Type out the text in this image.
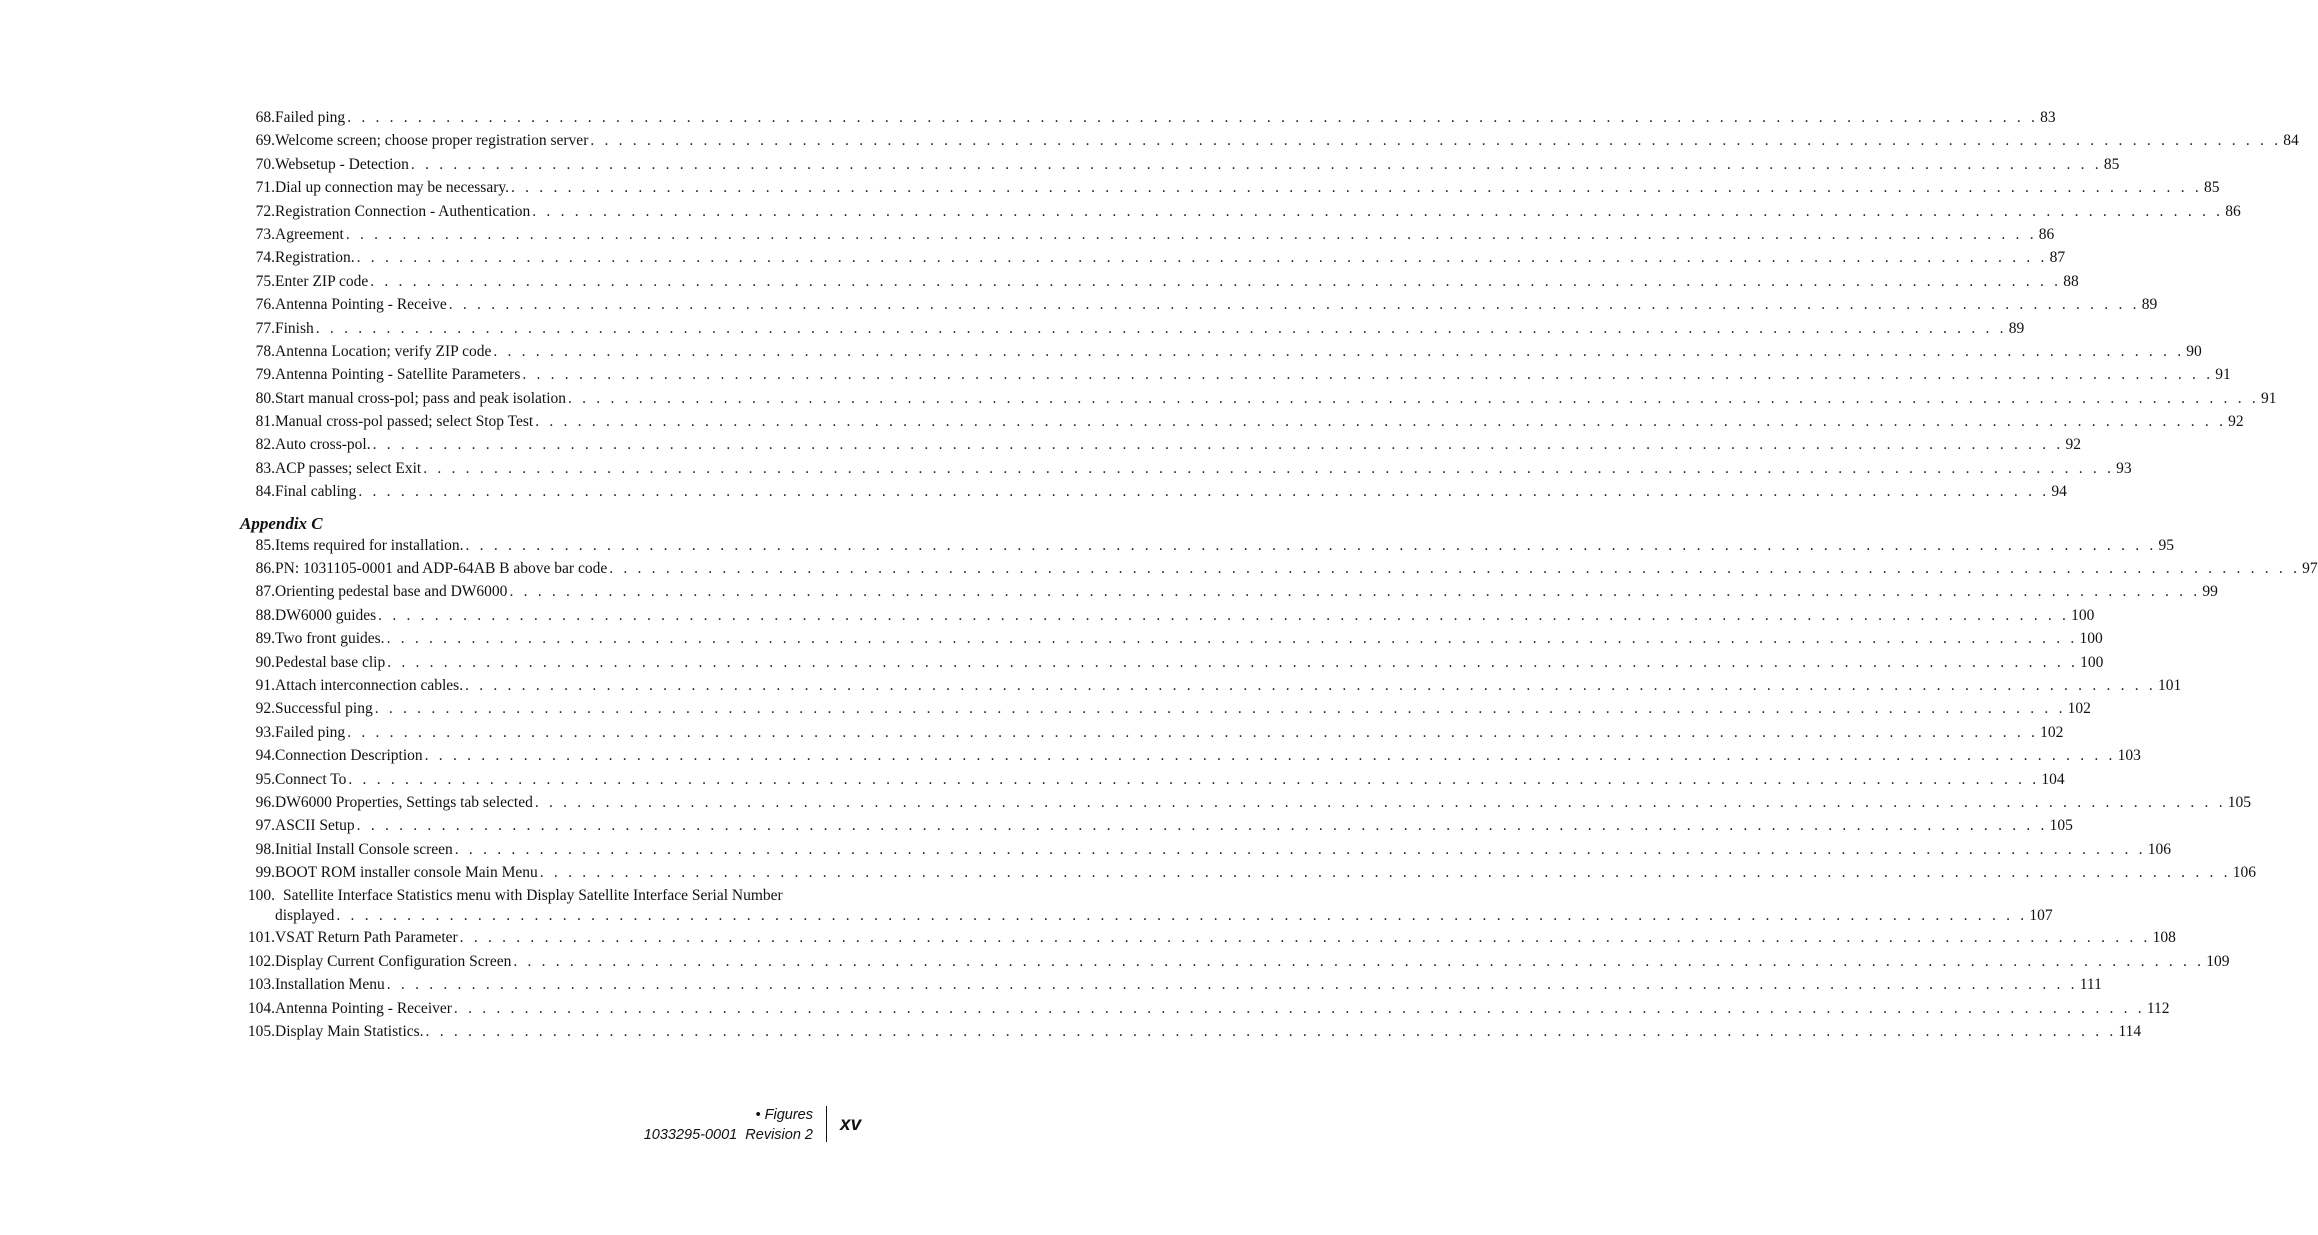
68. Failed ping . . . . . . . . . . . . . . . . . . . . . . . . . . . . . . . . . . . . . . . . . . . . . . . . . . . . . . . . . . . . . . . . . . . . . . . . . . . . . . . . . . . . . . . . . . . . . . . . . . . . . . . . . . . . . . . . . . . . . . . . 83
69. Welcome screen; choose proper registration server . . . . . . . . . . . . . . . . . . . . . . . . . . . . . . . . . . . . . . . . . . . . . . . . . . . . . . . . . . . . . . . . . . . . . . . . . . . . . . . . . . . . . . . . . . . . . . . . . . . . . . . . . . . . . . . . . . . . . . . . 84
70. Websetup - Detection . . . . . . . . . . . . . . . . . . . . . . . . . . . . . . . . . . . . . . . . . . . . . . . . . . . . . . . . . . . . . . . . . . . . . . . . . . . . . . . . . . . . . . . . . . . . . . . . . . . . . . . . . . . . . . . . . . . . . . . . 85
71. Dial up connection may be necessary. . . . . . . . . . . . . . . . . . . . . . . . . . . . . . . . . . . . . . . . . . . . . . . . . . . . . . . . . . . . . . . . . . . . . . . . . . . . . . . . . . . . . . . . . . . . . . . . . . . . . . . . . . . . . . . . . . . . . . . . . 85
72. Registration Connection - Authentication . . . . . . . . . . . . . . . . . . . . . . . . . . . . . . . . . . . . . . . . . . . . . . . . . . . . . . . . . . . . . . . . . . . . . . . . . . . . . . . . . . . . . . . . . . . . . . . . . . . . . . . . . . . . . . . . . . . . . . . . 86
73. Agreement . . . . . . . . . . . . . . . . . . . . . . . . . . . . . . . . . . . . . . . . . . . . . . . . . . . . . . . . . . . . . . . . . . . . . . . . . . . . . . . . . . . . . . . . . . . . . . . . . . . . . . . . . . . . . . . . . . . . . . . . 86
74. Registration. . . . . . . . . . . . . . . . . . . . . . . . . . . . . . . . . . . . . . . . . . . . . . . . . . . . . . . . . . . . . . . . . . . . . . . . . . . . . . . . . . . . . . . . . . . . . . . . . . . . . . . . . . . . . . . . . . . . . . . . . 87
75. Enter ZIP code . . . . . . . . . . . . . . . . . . . . . . . . . . . . . . . . . . . . . . . . . . . . . . . . . . . . . . . . . . . . . . . . . . . . . . . . . . . . . . . . . . . . . . . . . . . . . . . . . . . . . . . . . . . . . . . . . . . . . . . . 88
76. Antenna Pointing - Receive . . . . . . . . . . . . . . . . . . . . . . . . . . . . . . . . . . . . . . . . . . . . . . . . . . . . . . . . . . . . . . . . . . . . . . . . . . . . . . . . . . . . . . . . . . . . . . . . . . . . . . . . . . . . . . . . . . . . . . . . 89
77. Finish . . . . . . . . . . . . . . . . . . . . . . . . . . . . . . . . . . . . . . . . . . . . . . . . . . . . . . . . . . . . . . . . . . . . . . . . . . . . . . . . . . . . . . . . . . . . . . . . . . . . . . . . . . . . . . . . . . . . . . . . 89
78. Antenna Location; verify ZIP code . . . . . . . . . . . . . . . . . . . . . . . . . . . . . . . . . . . . . . . . . . . . . . . . . . . . . . . . . . . . . . . . . . . . . . . . . . . . . . . . . . . . . . . . . . . . . . . . . . . . . . . . . . . . . . . . . . . . . . . . 90
79. Antenna Pointing - Satellite Parameters . . . . . . . . . . . . . . . . . . . . . . . . . . . . . . . . . . . . . . . . . . . . . . . . . . . . . . . . . . . . . . . . . . . . . . . . . . . . . . . . . . . . . . . . . . . . . . . . . . . . . . . . . . . . . . . . . . . . . . . . 91
80. Start manual cross-pol; pass and peak isolation . . . . . . . . . . . . . . . . . . . . . . . . . . . . . . . . . . . . . . . . . . . . . . . . . . . . . . . . . . . . . . . . . . . . . . . . . . . . . . . . . . . . . . . . . . . . . . . . . . . . . . . . . . . . . . . . . . . . . . . . 91
81. Manual cross-pol passed; select Stop Test . . . . . . . . . . . . . . . . . . . . . . . . . . . . . . . . . . . . . . . . . . . . . . . . . . . . . . . . . . . . . . . . . . . . . . . . . . . . . . . . . . . . . . . . . . . . . . . . . . . . . . . . . . . . . . . . . . . . . . . . 92
82. Auto cross-pol. . . . . . . . . . . . . . . . . . . . . . . . . . . . . . . . . . . . . . . . . . . . . . . . . . . . . . . . . . . . . . . . . . . . . . . . . . . . . . . . . . . . . . . . . . . . . . . . . . . . . . . . . . . . . . . . . . . . . . . . . 92
83. ACP passes; select Exit . . . . . . . . . . . . . . . . . . . . . . . . . . . . . . . . . . . . . . . . . . . . . . . . . . . . . . . . . . . . . . . . . . . . . . . . . . . . . . . . . . . . . . . . . . . . . . . . . . . . . . . . . . . . . . . . . . . . . . . . 93
84. Final cabling . . . . . . . . . . . . . . . . . . . . . . . . . . . . . . . . . . . . . . . . . . . . . . . . . . . . . . . . . . . . . . . . . . . . . . . . . . . . . . . . . . . . . . . . . . . . . . . . . . . . . . . . . . . . . . . . . . . . . . . . 94
Appendix C
85. Items required for installation. . . . . . . . . . . . . . . . . . . . . . . . . . . . . . . . . . . . . . . . . . . . . . . . . . . . . . . . . . . . . . . . . . . . . . . . . . . . . . . . . . . . . . . . . . . . . . . . . . . . . . . . . . . . . . . . . . . . . . . . . 95
86. PN: 1031105-0001 and ADP-64AB B above bar code . . . . . . . . . . . . . . . . . . . . . . . . . . . . . . . . . . . . . . . . . . . . . . . . . . . . . . . . . . . . . . . . . . . . . . . . . . . . . . . . . . . . . . . . . . . . . . . . . . . . . . . . . . . . . . . . . . . . . . . . 97
87. Orienting pedestal base and DW6000 . . . . . . . . . . . . . . . . . . . . . . . . . . . . . . . . . . . . . . . . . . . . . . . . . . . . . . . . . . . . . . . . . . . . . . . . . . . . . . . . . . . . . . . . . . . . . . . . . . . . . . . . . . . . . . . . . . . . . . . . 99
88. DW6000 guides . . . . . . . . . . . . . . . . . . . . . . . . . . . . . . . . . . . . . . . . . . . . . . . . . . . . . . . . . . . . . . . . . . . . . . . . . . . . . . . . . . . . . . . . . . . . . . . . . . . . . . . . . . . . . . . . . . . . . . . . 100
89. Two front guides. . . . . . . . . . . . . . . . . . . . . . . . . . . . . . . . . . . . . . . . . . . . . . . . . . . . . . . . . . . . . . . . . . . . . . . . . . . . . . . . . . . . . . . . . . . . . . . . . . . . . . . . . . . . . . . . . . . . . . . . . 100
90. Pedestal base clip . . . . . . . . . . . . . . . . . . . . . . . . . . . . . . . . . . . . . . . . . . . . . . . . . . . . . . . . . . . . . . . . . . . . . . . . . . . . . . . . . . . . . . . . . . . . . . . . . . . . . . . . . . . . . . . . . . . . . . . . 100
91. Attach interconnection cables. . . . . . . . . . . . . . . . . . . . . . . . . . . . . . . . . . . . . . . . . . . . . . . . . . . . . . . . . . . . . . . . . . . . . . . . . . . . . . . . . . . . . . . . . . . . . . . . . . . . . . . . . . . . . . . . . . . . . . . . . 101
92. Successful ping . . . . . . . . . . . . . . . . . . . . . . . . . . . . . . . . . . . . . . . . . . . . . . . . . . . . . . . . . . . . . . . . . . . . . . . . . . . . . . . . . . . . . . . . . . . . . . . . . . . . . . . . . . . . . . . . . . . . . . . . 102
93. Failed ping . . . . . . . . . . . . . . . . . . . . . . . . . . . . . . . . . . . . . . . . . . . . . . . . . . . . . . . . . . . . . . . . . . . . . . . . . . . . . . . . . . . . . . . . . . . . . . . . . . . . . . . . . . . . . . . . . . . . . . . . 102
94. Connection Description . . . . . . . . . . . . . . . . . . . . . . . . . . . . . . . . . . . . . . . . . . . . . . . . . . . . . . . . . . . . . . . . . . . . . . . . . . . . . . . . . . . . . . . . . . . . . . . . . . . . . . . . . . . . . . . . . . . . . . . . 103
95. Connect To . . . . . . . . . . . . . . . . . . . . . . . . . . . . . . . . . . . . . . . . . . . . . . . . . . . . . . . . . . . . . . . . . . . . . . . . . . . . . . . . . . . . . . . . . . . . . . . . . . . . . . . . . . . . . . . . . . . . . . . . 104
96. DW6000 Properties, Settings tab selected . . . . . . . . . . . . . . . . . . . . . . . . . . . . . . . . . . . . . . . . . . . . . . . . . . . . . . . . . . . . . . . . . . . . . . . . . . . . . . . . . . . . . . . . . . . . . . . . . . . . . . . . . . . . . . . . . . . . . . . . 105
97. ASCII Setup . . . . . . . . . . . . . . . . . . . . . . . . . . . . . . . . . . . . . . . . . . . . . . . . . . . . . . . . . . . . . . . . . . . . . . . . . . . . . . . . . . . . . . . . . . . . . . . . . . . . . . . . . . . . . . . . . . . . . . . . 105
98. Initial Install Console screen . . . . . . . . . . . . . . . . . . . . . . . . . . . . . . . . . . . . . . . . . . . . . . . . . . . . . . . . . . . . . . . . . . . . . . . . . . . . . . . . . . . . . . . . . . . . . . . . . . . . . . . . . . . . . . . . . . . . . . . . 106
99. BOOT ROM installer console Main Menu . . . . . . . . . . . . . . . . . . . . . . . . . . . . . . . . . . . . . . . . . . . . . . . . . . . . . . . . . . . . . . . . . . . . . . . . . . . . . . . . . . . . . . . . . . . . . . . . . . . . . . . . . . . . . . . . . . . . . . . . 106
100. Satellite Interface Statistics menu with Display Satellite Interface Serial Number
displayed . . . . . . . . . . . . . . . . . . . . . . . . . . . . . . . . . . . . . . . . . . . . . . . . . . . . . . . . . . . . . . . . . . . . . . . . . . . . . . . . . . . . . . . . . . . . . . . . . . . . . . . . . . . . . . . . . . . . . . . . 107
101. VSAT Return Path Parameter . . . . . . . . . . . . . . . . . . . . . . . . . . . . . . . . . . . . . . . . . . . . . . . . . . . . . . . . . . . . . . . . . . . . . . . . . . . . . . . . . . . . . . . . . . . . . . . . . . . . . . . . . . . . . . . . . . . . . . . . 108
102. Display Current Configuration Screen . . . . . . . . . . . . . . . . . . . . . . . . . . . . . . . . . . . . . . . . . . . . . . . . . . . . . . . . . . . . . . . . . . . . . . . . . . . . . . . . . . . . . . . . . . . . . . . . . . . . . . . . . . . . . . . . . . . . . . . . 109
103. Installation Menu . . . . . . . . . . . . . . . . . . . . . . . . . . . . . . . . . . . . . . . . . . . . . . . . . . . . . . . . . . . . . . . . . . . . . . . . . . . . . . . . . . . . . . . . . . . . . . . . . . . . . . . . . . . . . . . . . . . . . . . . 111
104. Antenna Pointing - Receiver . . . . . . . . . . . . . . . . . . . . . . . . . . . . . . . . . . . . . . . . . . . . . . . . . . . . . . . . . . . . . . . . . . . . . . . . . . . . . . . . . . . . . . . . . . . . . . . . . . . . . . . . . . . . . . . . . . . . . . . . 112
105. Display Main Statistics. . . . . . . . . . . . . . . . . . . . . . . . . . . . . . . . . . . . . . . . . . . . . . . . . . . . . . . . . . . . . . . . . . . . . . . . . . . . . . . . . . . . . . . . . . . . . . . . . . . . . . . . . . . . . . . . . . . . . . . . . 114
• Figures
1033295-0001  Revision 2 xv
